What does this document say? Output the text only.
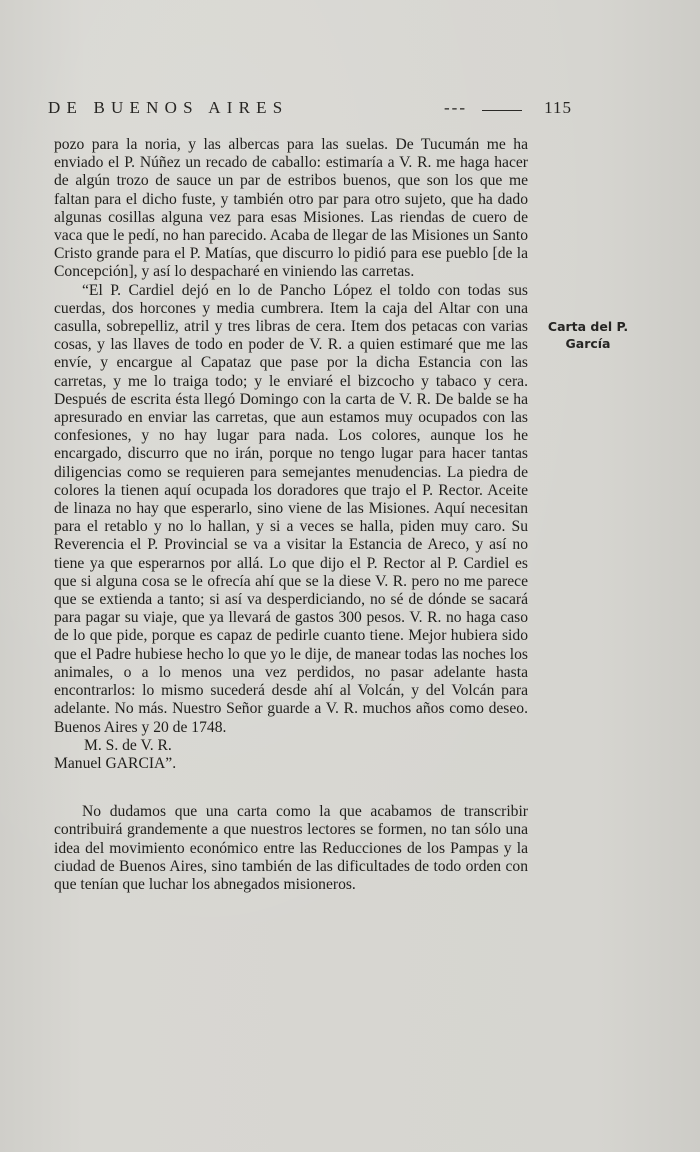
DE BUENOS AIRES	---	115
Carta del P.
García

pozo para la noria, y las albercas para las suelas. De Tucumán me ha enviado el P. Núñez un recado de caballo: estimaría a V. R. me haga hacer de algún trozo de sauce un par de estribos buenos, que son los que me faltan para el dicho fuste, y también otro par para otro sujeto, que ha dado algunas cosillas alguna vez para esas Misiones. Las riendas de cuero de vaca que le pedí, no han parecido. Acaba de llegar de las Misiones un Santo Cristo grande para el P. Matías, que discurro lo pidió para ese pueblo [de la Concepción], y así lo despacharé en viniendo las carretas.

“El P. Cardiel dejó en lo de Pancho López el toldo con todas sus cuerdas, dos horcones y media cumbrera. Item la caja del Altar con una casulla, sobrepelliz, atril y tres libras de cera. Item dos petacas con varias cosas, y las llaves de todo en poder de V. R. a quien estimaré que me las envíe, y encargue al Capataz que pase por la dicha Estancia con las carretas, y me lo traiga todo; y le enviaré el bizcocho y tabaco y cera. Después de escrita ésta llegó Domingo con la carta de V. R. De balde se ha apresurado en enviar las carretas, que aun estamos muy ocupados con las confesiones, y no hay lugar para nada. Los colores, aunque los he encargado, discurro que no irán, porque no tengo lugar para hacer tantas diligencias como se requieren para semejantes menudencias. La piedra de colores la tienen aquí ocupada los doradores que trajo el P. Rector. Aceite de linaza no hay que esperarlo, sino viene de las Misiones. Aquí necesitan para el retablo y no lo hallan, y si a veces se halla, piden muy caro. Su Reverencia el P. Provincial se va a visitar la Estancia de Areco, y así no tiene ya que esperarnos por allá. Lo que dijo el P. Rector al P. Cardiel es que si alguna cosa se le ofrecía ahí que se la diese V. R. pero no me parece que se extienda a tanto; si así va desperdiciando, no sé de dónde se sacará para pagar su viaje, que ya llevará de gastos 300 pesos. V. R. no haga caso de lo que pide, porque es capaz de pedirle cuanto tiene. Mejor hubiera sido que el Padre hubiese hecho lo que yo le dije, de manear todas las noches los animales, o a lo menos una vez perdidos, no pasar adelante hasta encontrarlos: lo mismo sucederá desde ahí al Volcán, y del Volcán para adelante. No más. Nuestro Señor guarde a V. R. muchos años como deseo. Buenos Aires y 20 de 1748.

M. S. de V. R.

Manuel GARCIA”.

No dudamos que una carta como la que acabamos de transcribir contribuirá grandemente a que nuestros lectores se formen, no tan sólo una idea del movimiento económico entre las Reducciones de los Pampas y la ciudad de Buenos Aires, sino también de las dificultades de todo orden con que tenían que luchar los abnegados misioneros.
